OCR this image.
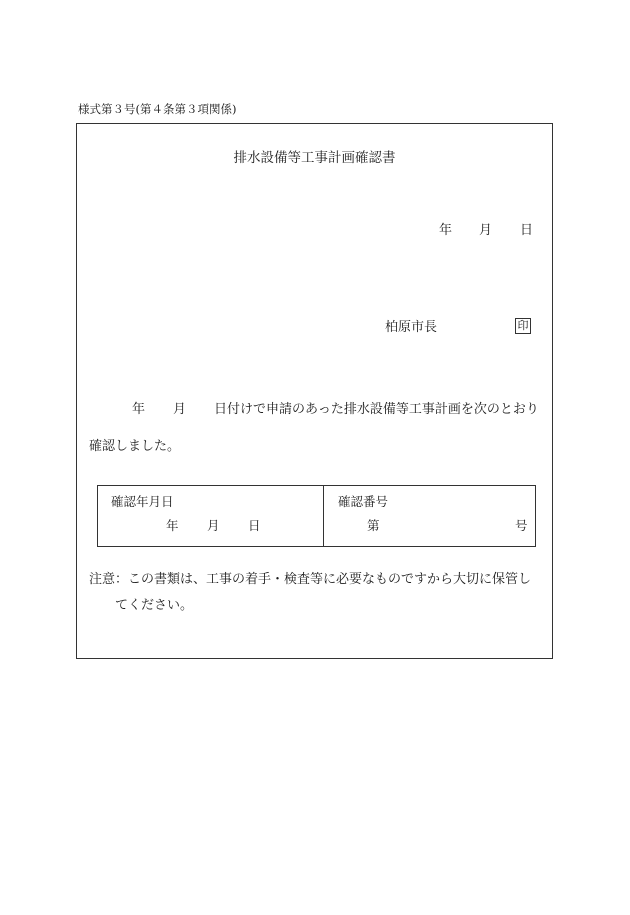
様式第３号(第４条第３項関係)
排水設備等工事計画確認書
年 月 日
柏原市長	印
年 月 日付けで申請のあった排水設備等工事計画を次のとおり
確認しました。
確認年月日
年 月 日
確認番号
第	号
注意：この書類は、工事の着手・検査等に必要なものですから大切に保管し
てください。
